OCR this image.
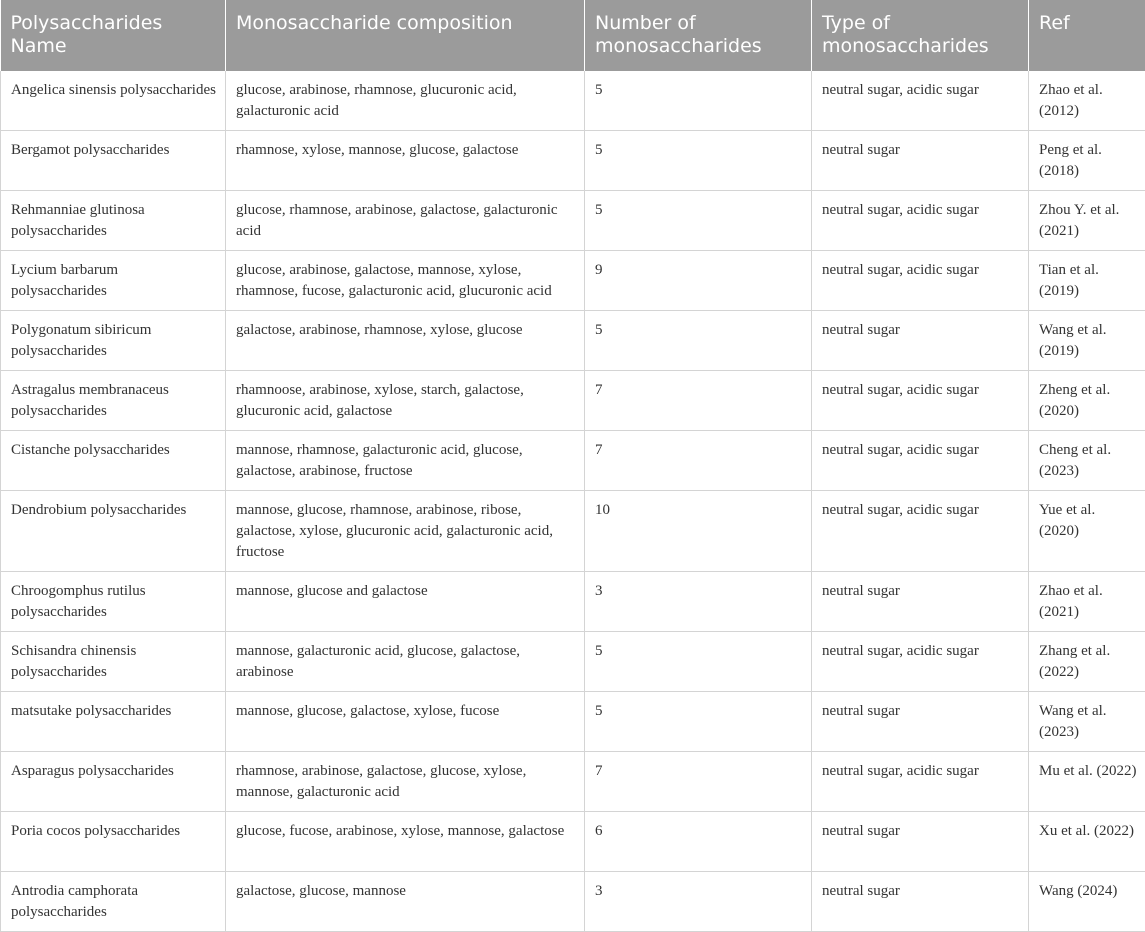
Polysaccharides Name	Monosaccharide composition	Number of monosaccharides	Type of monosaccharides	Ref
Angelica sinensis polysaccharides	glucose, arabinose, rhamnose, glucuronic acid, galacturonic acid	5	neutral sugar, acidic sugar	Zhao et al. (2012)
Bergamot polysaccharides	rhamnose, xylose, mannose, glucose, galactose	5	neutral sugar	Peng et al. (2018)
Rehmanniae glutinosa polysaccharides	glucose, rhamnose, arabinose, galactose, galacturonic acid	5	neutral sugar, acidic sugar	Zhou Y. et al. (2021)
Lycium barbarum polysaccharides	glucose, arabinose, galactose, mannose, xylose, rhamnose, fucose, galacturonic acid, glucuronic acid	9	neutral sugar, acidic sugar	Tian et al. (2019)
Polygonatum sibiricum polysaccharides	galactose, arabinose, rhamnose, xylose, glucose	5	neutral sugar	Wang et al. (2019)
Astragalus membranaceus polysaccharides	rhamnoose, arabinose, xylose, starch, galactose, glucuronic acid, galactose	7	neutral sugar, acidic sugar	Zheng et al. (2020)
Cistanche polysaccharides	mannose, rhamnose, galacturonic acid, glucose, galactose, arabinose, fructose	7	neutral sugar, acidic sugar	Cheng et al. (2023)
Dendrobium polysaccharides	mannose, glucose, rhamnose, arabinose, ribose, galactose, xylose, glucuronic acid, galacturonic acid, fructose	10	neutral sugar, acidic sugar	Yue et al. (2020)
Chroogomphus rutilus polysaccharides	mannose, glucose and galactose	3	neutral sugar	Zhao et al. (2021)
Schisandra chinensis polysaccharides	mannose, galacturonic acid, glucose, galactose, arabinose	5	neutral sugar, acidic sugar	Zhang et al. (2022)
matsutake polysaccharides	mannose, glucose, galactose, xylose, fucose	5	neutral sugar	Wang et al. (2023)
Asparagus polysaccharides	rhamnose, arabinose, galactose, glucose, xylose, mannose, galacturonic acid	7	neutral sugar, acidic sugar	Mu et al. (2022)
Poria cocos polysaccharides	glucose, fucose, arabinose, xylose, mannose, galactose	6	neutral sugar	Xu et al. (2022)
Antrodia camphorata polysaccharides	galactose, glucose, mannose	3	neutral sugar	Wang (2024)
